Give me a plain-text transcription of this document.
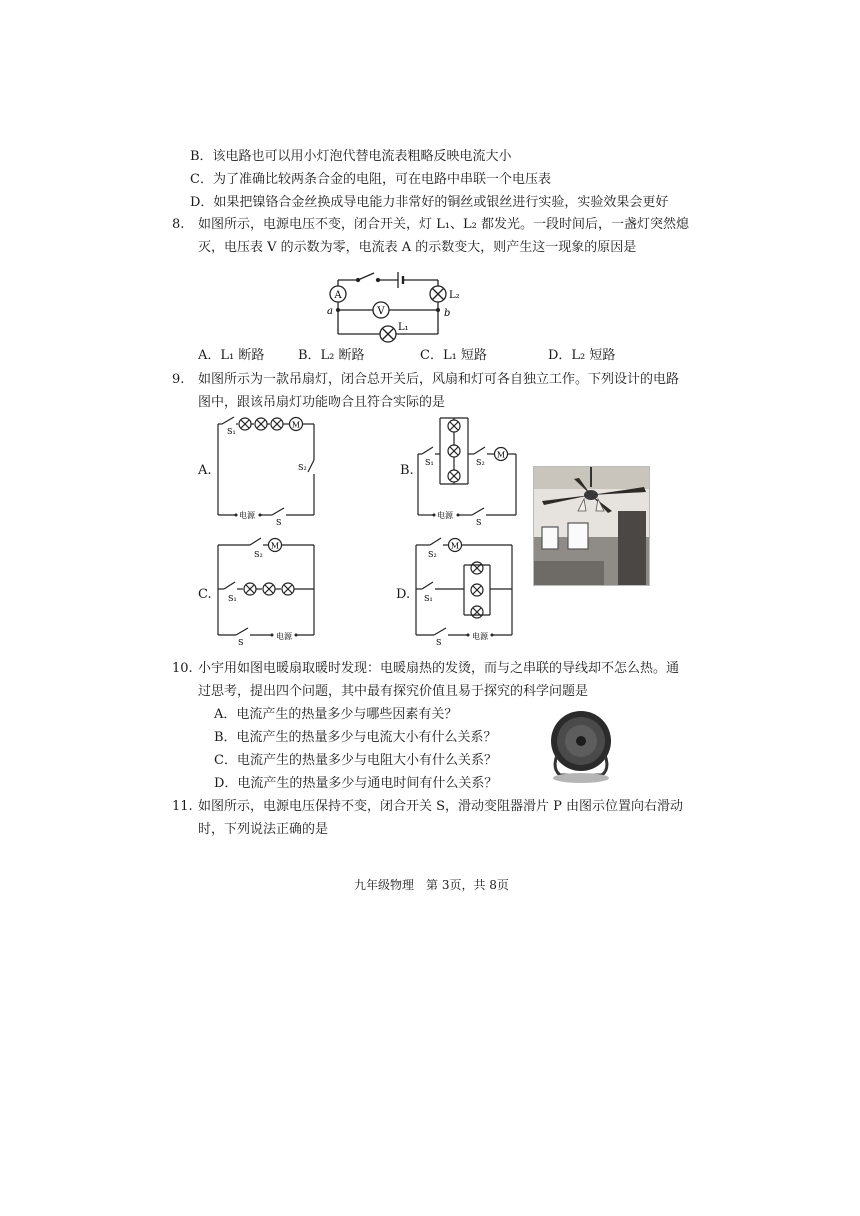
B．该电路也可以用小灯泡代替电流表粗略反映电流大小
C．为了准确比较两条合金的电阻，可在电路中串联一个电压表
D．如果把镍铬合金丝换成导电能力非常好的铜丝或银丝进行实验，实验效果会更好
8. 如图所示，电源电压不变，闭合开关，灯 L₁、L₂ 都发光。一段时间后，一盏灯突然熄
灭，电压表 V 的示数为零，电流表 A 的示数变大，则产生这一现象的原因是
A
V
L₂
L₁
a	b
A．L₁ 断路	B．L₂ 断路	C．L₁ 短路	D．L₂ 短路
9. 如图所示为一款吊扇灯，闭合总开关后，风扇和灯可各自独立工作。下列设计的电路
图中，跟该吊扇灯功能吻合且符合实际的是
A.
M
S₁
S₂
电源
S
B.
M
S₁	S₂
电源
S
C.
M
S₂
S₁
S
电源
D.
M
S₂
S₁
S
电源
10. 小宇用如图电暖扇取暖时发现：电暖扇热的发烫，而与之串联的导线却不怎么热。通
过思考，提出四个问题，其中最有探究价值且易于探究的科学问题是
A．电流产生的热量多少与哪些因素有关？
B．电流产生的热量多少与电流大小有什么关系？
C．电流产生的热量多少与电阻大小有什么关系？
D．电流产生的热量多少与通电时间有什么关系？
11. 如图所示，电源电压保持不变，闭合开关 S，滑动变阻器滑片 P 由图示位置向右滑动
时，下列说法正确的是
九年级物理　第 3页，共 8页
